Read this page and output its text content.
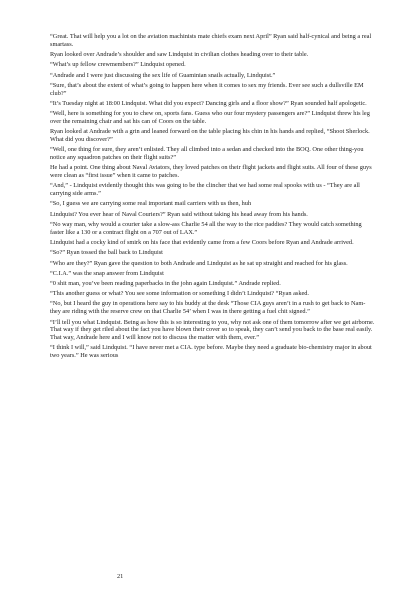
“Great. That will help you a lot on the aviation machinists mate chiefs exam next April” Ryan said half-cynical and being a real smartass.

Ryan looked over Andrade’s shoulder and saw Lindquist in civilian clothes heading over to their table.

“What’s up fellow crewmembers?” Lindquist opened.

“Andrade and I were just discussing the sex life of Guaminian snails actually, Lindquist.”

“Sure, that’s about the extent of what’s going to happen here when it comes to sex my friends. Ever see such a dullsville EM club?”

“It’s Tuesday night at 18:00 Lindquist. What did you expect? Dancing girls and a floor show?” Ryan sounded half apologetic.

“Well, here is something for you to chew on, sports fans. Guess who our four mystery passengers are?” Lindquist threw his leg over the remaining chair and sat his can of Coors on the table.

Ryan looked at Andrade with a grin and leaned forward on the table placing his chin in his hands and replied, “Shoot Sherlock. What did you discover?”

“Well, one thing for sure, they aren’t enlisted. They all climbed into a sedan and checked into the BOQ. One other thing-you notice any squadron patches on their flight suits?”

He had a point. One thing about Naval Aviators, they loved patches on their flight jackets and flight suits. All four of these guys were clean as “first issue” when it came to patches.

“And,” - Lindquist evidently thought this was going to be the clincher that we had some real spooks with us - “They are all carrying side arms.”

“So, I guess we are carrying some real important mail carriers with us then, huh

Lindquist? You ever hear of Naval Couriers?” Ryan said without taking his head away from his hands.

“No way man, why would a courier take a slow-ass Charlie 54 all the way to the rice paddies? They would catch something faster like a 130 or a contract flight on a 707 out of LAX.”

Lindquist had a cocky kind of smirk on his face that evidently came from a few Coors before Ryan and Andrade arrived.

“So?” Ryan tossed the ball back to Lindquist

“Who are they?” Ryan gave the question to both Andrade and Lindquist as he sat up straight and reached for his glass.

“C.I.A.” was the snap answer from Lindquist

“0 shit man, you’ve been reading paperbacks in the john again Lindquist.” Andrade replied.

“This another guess or what? You see some information or something I didn’t Lindquist? “Ryan asked.

“No, but I heard the guy in operations here say to his buddy at the desk “Those CIA guys aren’t in a rush to get back to Nam-they are riding with the reserve crew on that Charlie 54’ when I was in there getting a fuel chit signed.”

“I’ll tell you what Lindquist. Being as how this is so interesting to you, why not ask one of them tomorrow after we get airborne. That way if they get riled about the fact you have blown their cover so to speak, they can’t send you back to the base real easily. That way, Andrade here and I will know not to discuss the matter with them, ever.”

“I think I will,” said Lindquist. “I have never met a CIA. type before. Maybe they need a graduate bio-chemistry major in about two years.” He was serious

21
